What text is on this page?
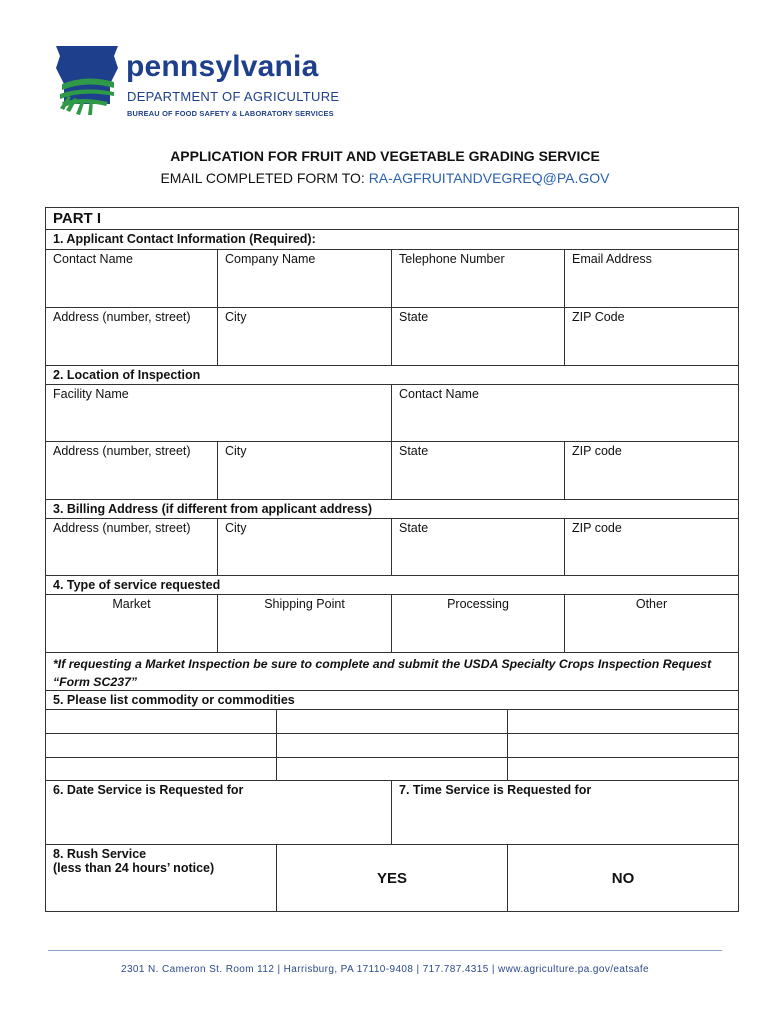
pennsylvania
DEPARTMENT OF AGRICULTURE
BUREAU OF FOOD SAFETY & LABORATORY SERVICES
APPLICATION FOR FRUIT AND VEGETABLE GRADING SERVICE
EMAIL COMPLETED FORM TO: RA-AGFRUITANDVEGREQ@PA.GOV
PART I
1. Applicant Contact Information (Required):
Contact Name	Company Name	Telephone Number	Email Address
Address (number, street)	City	State	ZIP Code
2. Location of Inspection
Facility Name	Contact Name
Address (number, street)	City	State	ZIP code
3. Billing Address (if different from applicant address)
Address (number, street)	City	State	ZIP code
4. Type of service requested
Market	Shipping Point	Processing	Other
*If requesting a Market Inspection be sure to complete and submit the USDA Specialty Crops Inspection Request “Form SC237”
5. Please list commodity or commodities
6. Date Service is Requested for	7. Time Service is Requested for
8. Rush Service
(less than 24 hours’ notice)
YES	NO
2301 N. Cameron St. Room 112 | Harrisburg, PA 17110-9408 | 717.787.4315 | www.agriculture.pa.gov/eatsafe
